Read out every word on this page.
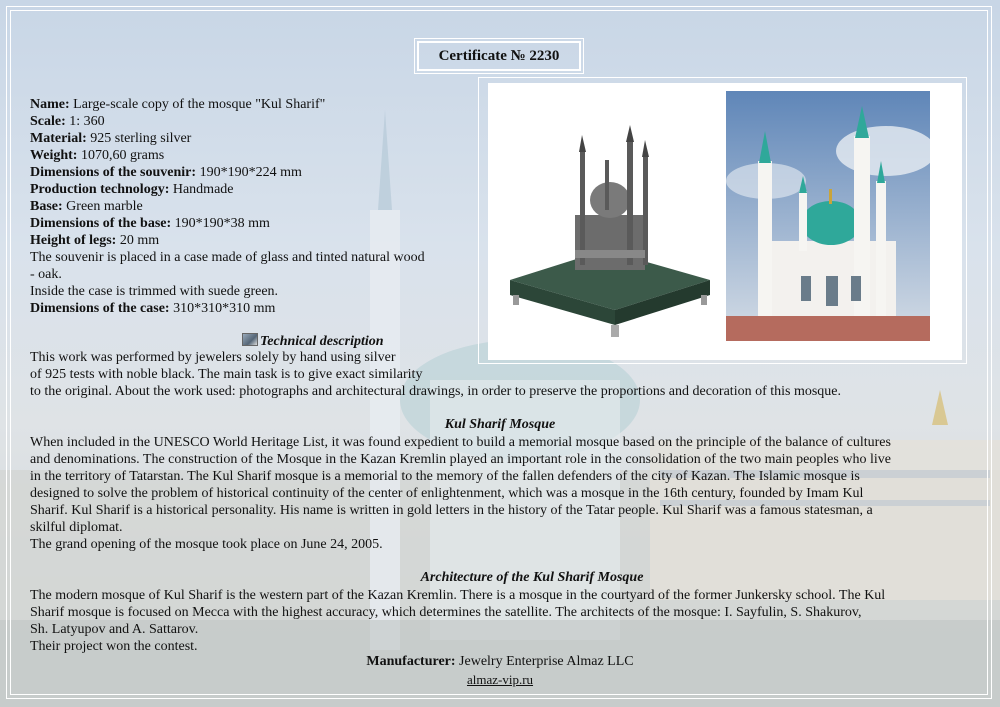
Certificate № 2230
Name: Large-scale copy of the mosque "Kul Sharif"
Scale: 1: 360
Material: 925 sterling silver
Weight: 1070,60 grams
Dimensions of the souvenir: 190*190*224 mm
Production technology: Handmade
Base: Green marble
Dimensions of the base: 190*190*38 mm
Height of legs: 20 mm
The souvenir is placed in a case made of glass and tinted natural wood
- oak.
Inside the case is trimmed with suede green.
Dimensions of the case: 310*310*310 mm
Technical description
This work was performed by jewelers solely by hand using silver
of 925 tests with noble black. The main task is to give exact similarity
to the original. About the work used: photographs and architectural drawings, in order to preserve the proportions and decoration of this mosque.
Kul Sharif Mosque
When included in the UNESCO World Heritage List, it was found expedient to build a memorial mosque based on the principle of the balance of cultures
and denominations. The construction of the Mosque in the Kazan Kremlin played an important role in the consolidation of the two main peoples who live
in the territory of Tatarstan. The Kul Sharif mosque is a memorial to the memory of the fallen defenders of the city of Kazan. The Islamic mosque is
designed to solve the problem of historical continuity of the center of enlightenment, which was a mosque in the 16th century, founded by Imam Kul
Sharif. Kul Sharif is a historical personality. His name is written in gold letters in the history of the Tatar people. Kul Sharif was a famous statesman, a
skilful diplomat.
The grand opening of the mosque took place on June 24, 2005.
Architecture of the Kul Sharif Mosque
The modern mosque of Kul Sharif is the western part of the Kazan Kremlin. There is a mosque in the courtyard of the former Junkersky school. The Kul
Sharif mosque is focused on Mecca with the highest accuracy, which determines the satellite. The architects of the mosque: I. Sayfulin, S. Shakurov,
Sh. Latyupov and A. Sattarov.
Their project won the contest.
Manufacturer: Jewelry Enterprise Almaz LLC
almaz-vip.ru
